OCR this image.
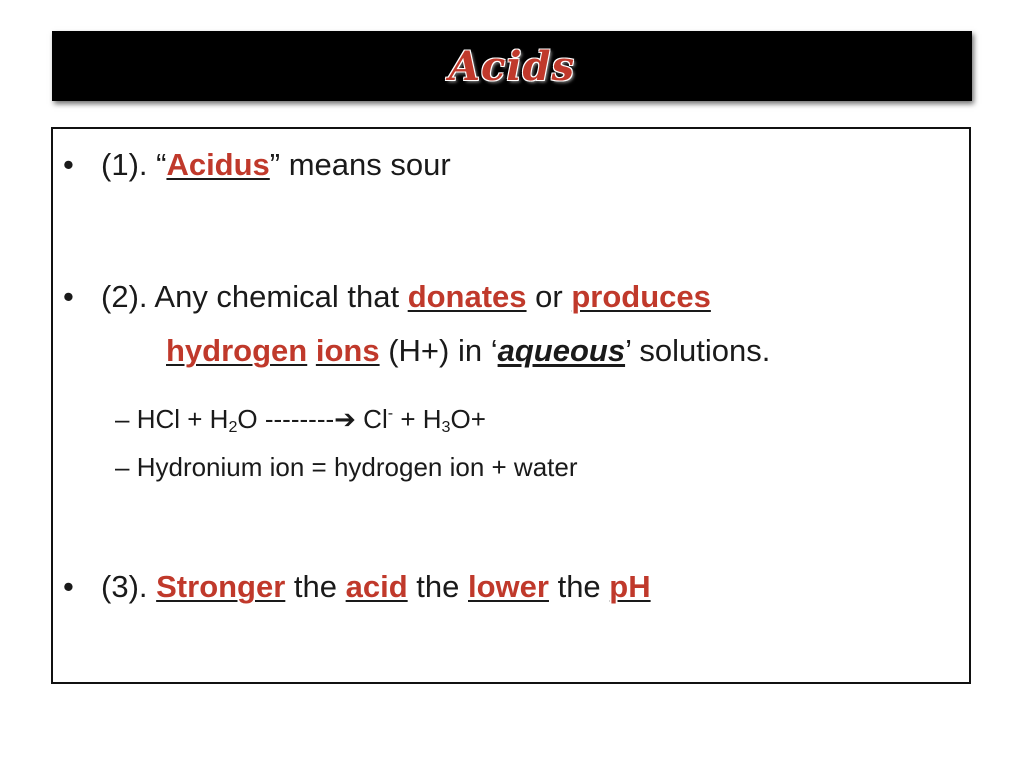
Acids
• (1). “Acidus” means sour
• (2). Any chemical that donates or produces
hydrogen ions (H+) in ‘aqueous’ solutions.
– HCl + $H_2O$ --------➔ $Cl^- + H_3O+$
– Hydronium ion = hydrogen ion + water
• (3). Stronger the acid the lower the pH
